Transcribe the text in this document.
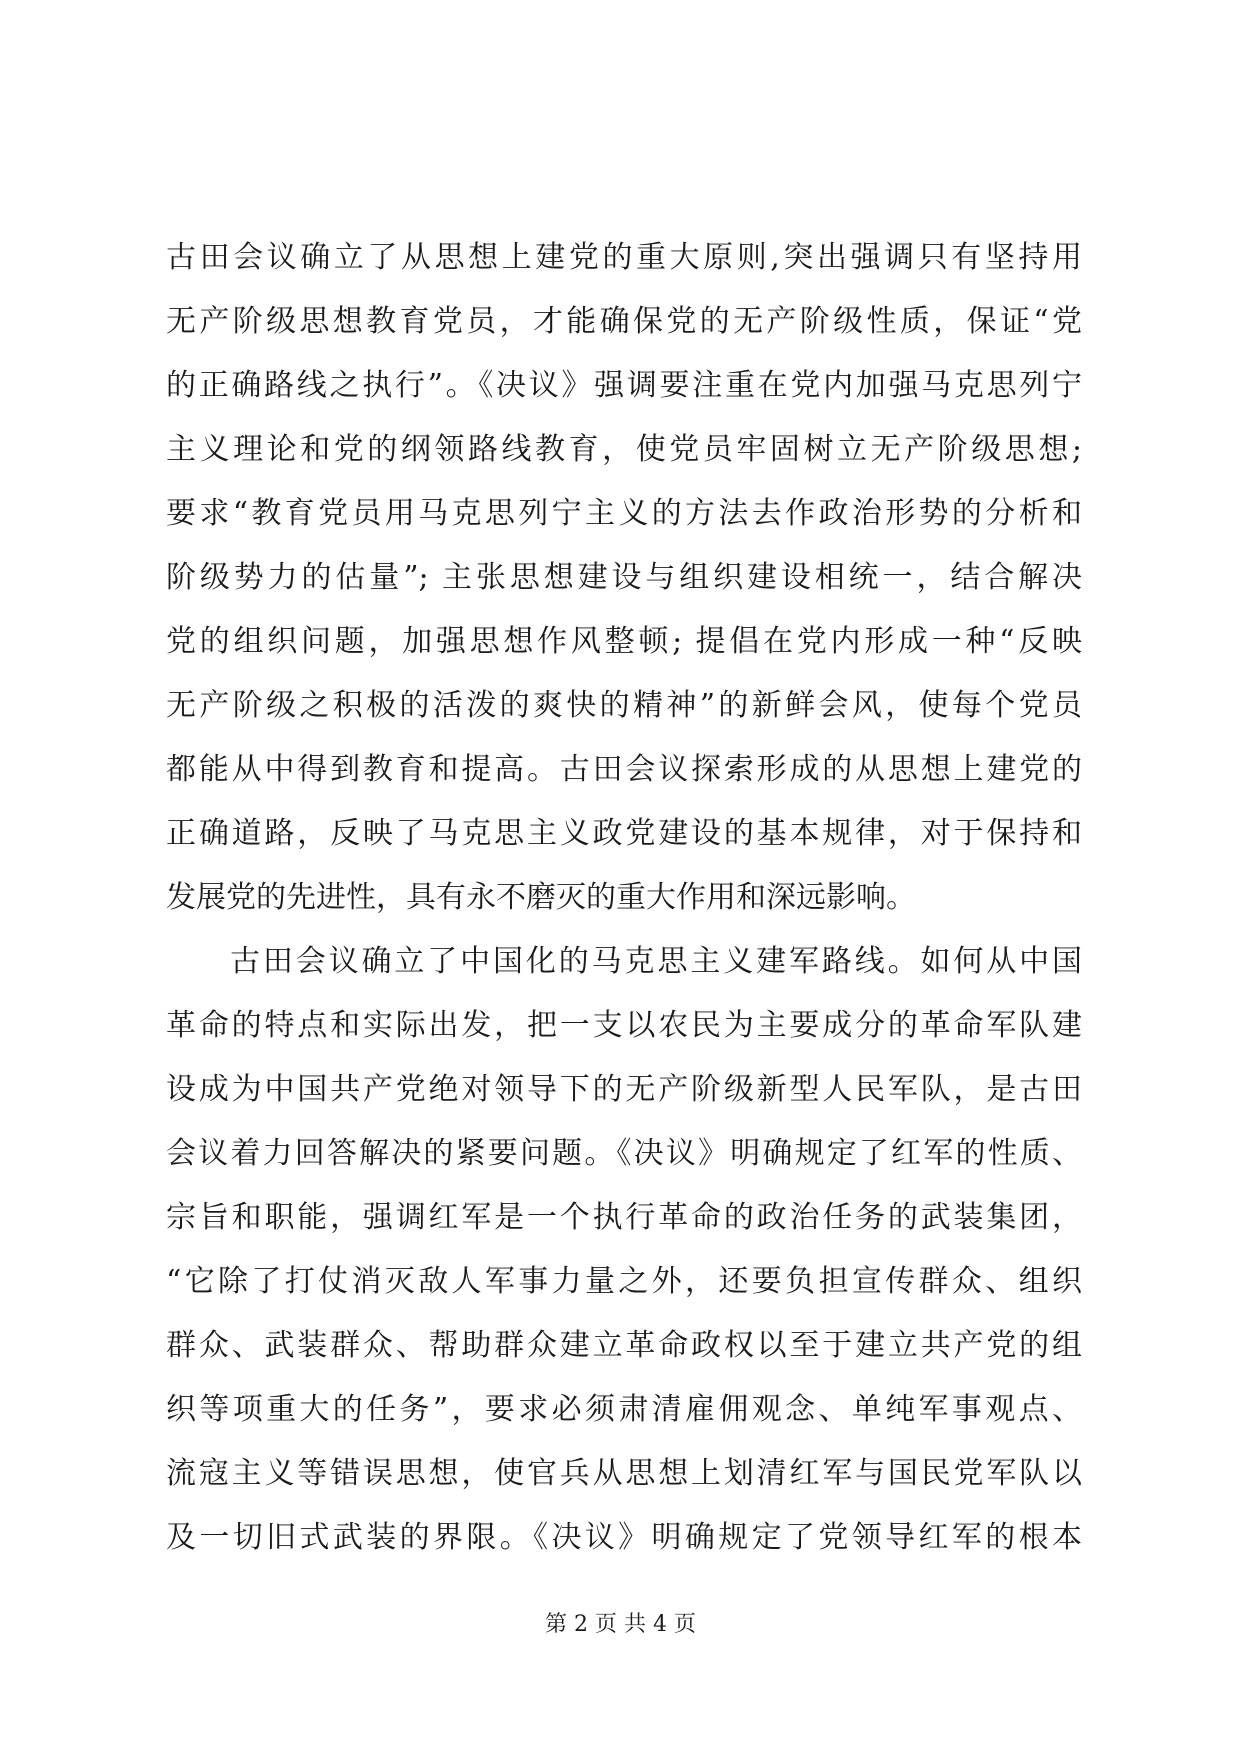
古田会议确立了从思想上建党的重大原则,突出强调只有坚持用
无产阶级思想教育党员，才能确保党的无产阶级性质，保证“党
的正确路线之执行”。《决议》强调要注重在党内加强马克思列宁
主义理论和党的纲领路线教育，使党员牢固树立无产阶级思想;
要求“教育党员用马克思列宁主义的方法去作政治形势的分析和
阶级势力的估量”; 主张思想建设与组织建设相统一，结合解决
党的组织问题，加强思想作风整顿; 提倡在党内形成一种“反映
无产阶级之积极的活泼的爽快的精神”的新鲜会风，使每个党员
都能从中得到教育和提高。古田会议探索形成的从思想上建党的
正确道路，反映了马克思主义政党建设的基本规律，对于保持和
发展党的先进性，具有永不磨灭的重大作用和深远影响。
古田会议确立了中国化的马克思主义建军路线。如何从中国
革命的特点和实际出发，把一支以农民为主要成分的革命军队建
设成为中国共产党绝对领导下的无产阶级新型人民军队，是古田
会议着力回答解决的紧要问题。《决议》明确规定了红军的性质、
宗旨和职能，强调红军是一个执行革命的政治任务的武装集团，
“它除了打仗消灭敌人军事力量之外，还要负担宣传群众、组织
群众、武装群众、帮助群众建立革命政权以至于建立共产党的组
织等项重大的任务”，要求必须肃清雇佣观念、单纯军事观点、
流寇主义等错误思想，使官兵从思想上划清红军与国民党军队以
及一切旧式武装的界限。《决议》明确规定了党领导红军的根本
第 2 页 共 4 页
